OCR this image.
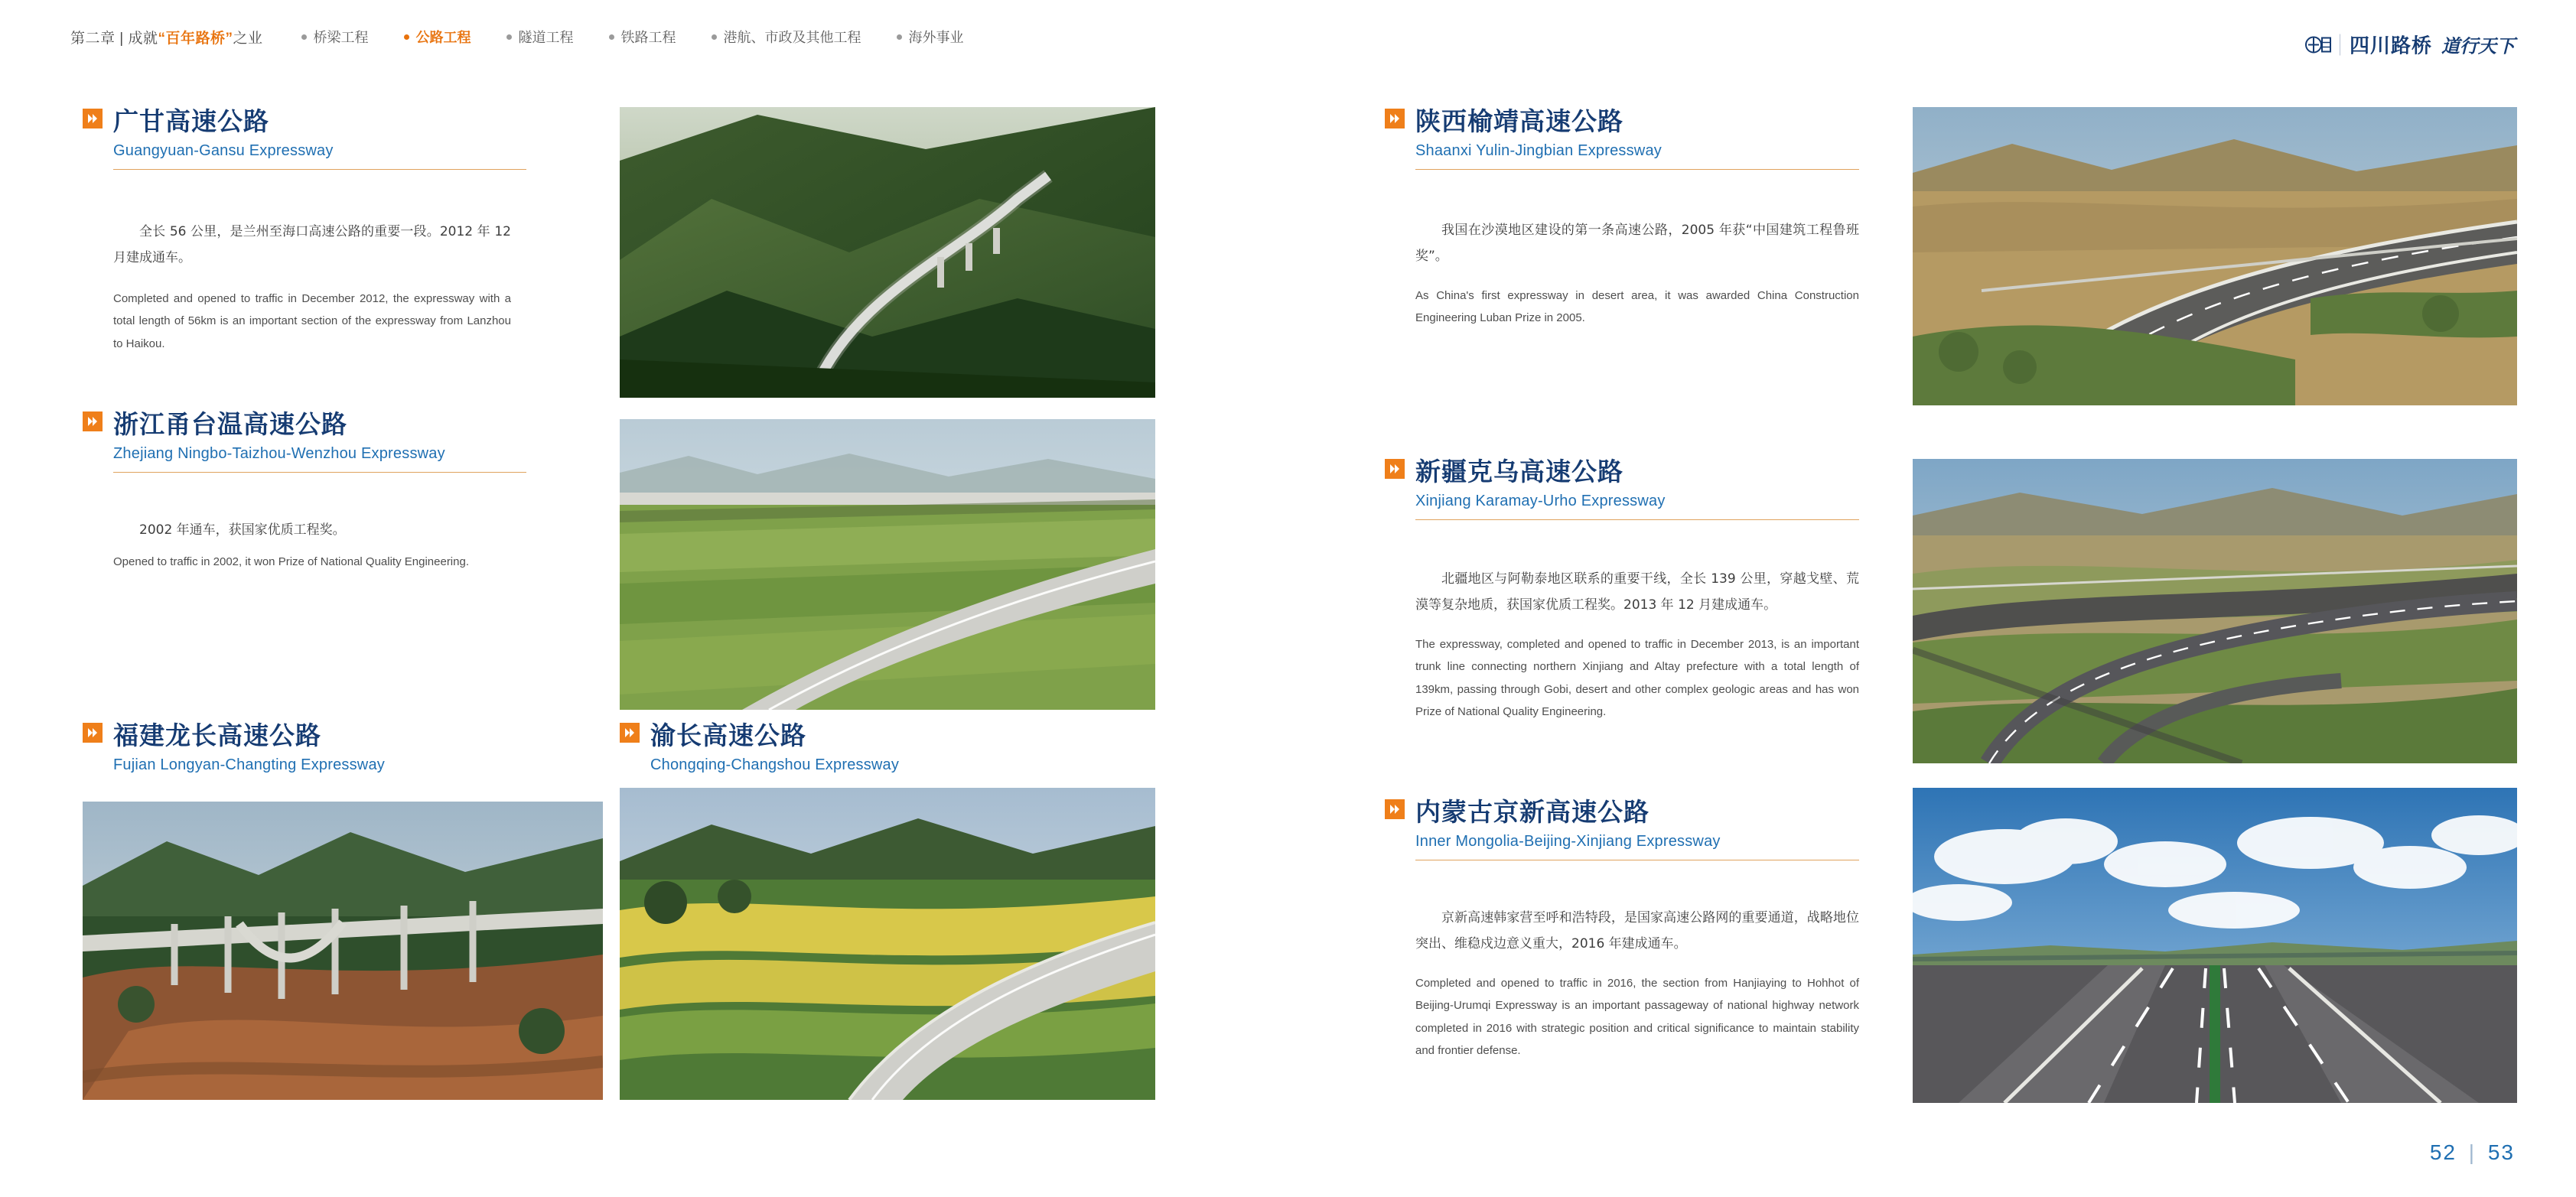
第二章 | 成就“百年路桥”之业	桥梁工程	公路工程	隧道工程	铁路工程	港航、市政及其他工程	海外事业	四川路桥 道行天下
广甘高速公路
Guangyuan-Gansu Expressway

全长 56 公里，是兰州至海口高速公路的重要一段。2012 年 12 月建成通车。

Completed and opened to traffic in December 2012, the expressway with a total length of 56km is an important section of the expressway from Lanzhou to Haikou.

浙江甬台温高速公路
Zhejiang Ningbo-Taizhou-Wenzhou Expressway

2002 年通车，获国家优质工程奖。

Opened to traffic in 2002, it won Prize of National Quality Engineering.

福建龙长高速公路
Fujian Longyan-Changting Expressway
渝长高速公路
Chongqing-Changshou Expressway
陕西榆靖高速公路
Shaanxi Yulin-Jingbian Expressway

我国在沙漠地区建设的第一条高速公路，2005 年获“中国建筑工程鲁班奖”。

As China's first expressway in desert area, it was awarded China Construction Engineering Luban Prize in 2005.

新疆克乌高速公路
Xinjiang Karamay-Urho Expressway

北疆地区与阿勒泰地区联系的重要干线，全长 139 公里，穿越戈壁、荒漠等复杂地质，获国家优质工程奖。2013 年 12 月建成通车。

The expressway, completed and opened to traffic in December 2013, is an important trunk line connecting northern Xinjiang and Altay prefecture with a total length of 139km, passing through Gobi, desert and other complex geologic areas and has won Prize of National Quality Engineering.

内蒙古京新高速公路
Inner Mongolia-Beijing-Xinjiang Expressway

京新高速韩家营至呼和浩特段，是国家高速公路网的重要通道，战略地位突出、维稳戍边意义重大，2016 年建成通车。

Completed and opened to traffic in 2016, the section from Hanjiaying to Hohhot of Beijing-Urumqi Expressway is an important passageway of national highway network completed in 2016 with strategic position and critical significance to maintain stability and frontier defense.

52 | 53
